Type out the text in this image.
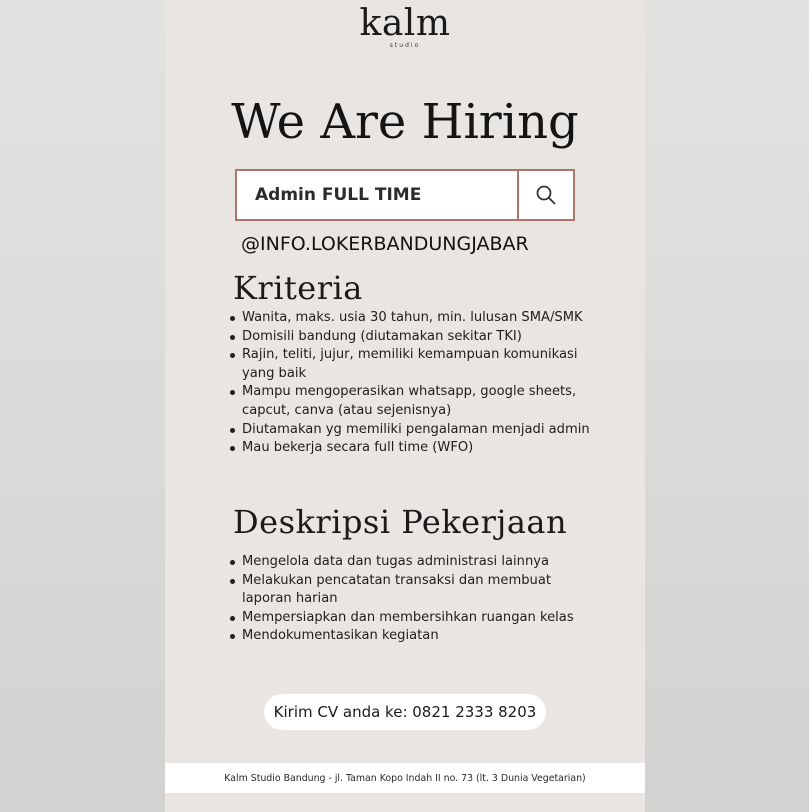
kalm
studio
We Are Hiring
Admin FULL TIME
@INFO.LOKERBANDUNGJABAR
Kriteria
Wanita, maks. usia 30 tahun, min. lulusan SMA/SMK
Domisili bandung (diutamakan sekitar TKI)
Rajin, teliti, jujur, memiliki kemampuan komunikasi yang baik
Mampu mengoperasikan whatsapp, google sheets, capcut, canva (atau sejenisnya)
Diutamakan yg memiliki pengalaman menjadi admin
Mau bekerja secara full time (WFO)
Deskripsi Pekerjaan
Mengelola data dan tugas administrasi lainnya
Melakukan pencatatan transaksi dan membuat laporan harian
Mempersiapkan dan membersihkan ruangan kelas
Mendokumentasikan kegiatan
Kirim CV anda ke: 0821 2333 8203
Kalm Studio Bandung - jl. Taman Kopo Indah II no. 73 (lt. 3 Dunia Vegetarian)
